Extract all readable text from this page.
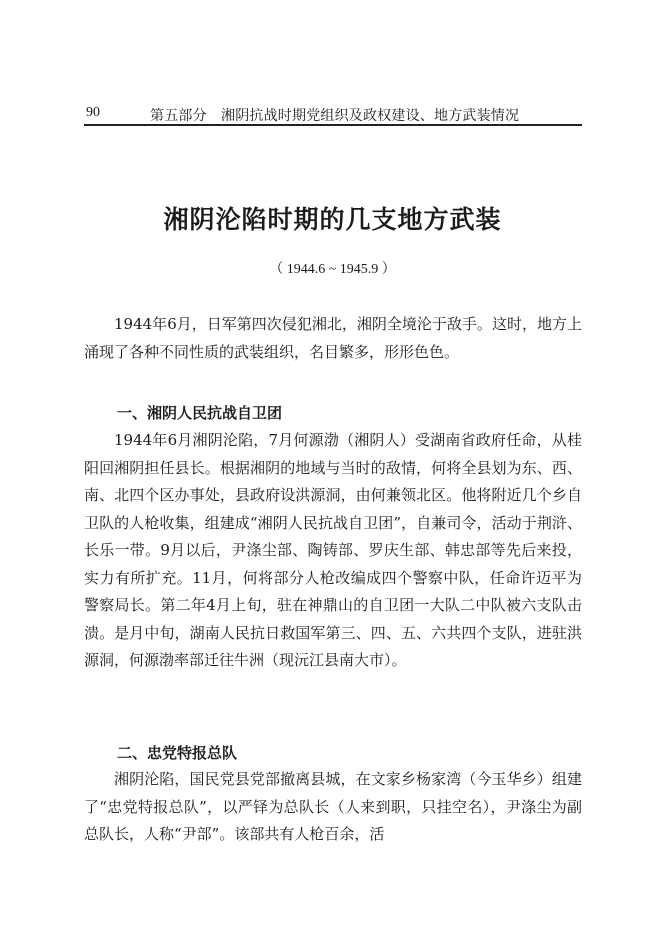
90	第五部分　湘阴抗战时期党组织及政权建设、地方武装情况
湘阴沦陷时期的几支地方武装
（ 1944.6 ~ 1945.9 ）
1944年6月，日军第四次侵犯湘北，湘阴全境沦于敌手。这时，地方上涌现了各种不同性质的武装组织，名目繁多，形形色色。
一、湘阴人民抗战自卫团
1944年6月湘阴沦陷，7月何源渤（湘阴人）受湖南省政府任命，从桂阳回湘阴担任县长。根据湘阴的地域与当时的敌情，何将全县划为东、西、南、北四个区办事处，县政府设洪源洞，由何兼领北区。他将附近几个乡自卫队的人枪收集，组建成“湘阴人民抗战自卫团”，自兼司令，活动于荆浒、长乐一带。9月以后，尹涤尘部、陶铸部、罗庆生部、韩忠部等先后来投，实力有所扩充。11月，何将部分人枪改编成四个警察中队，任命许迈平为警察局长。第二年4月上旬，驻在神鼎山的自卫团一大队二中队被六支队击溃。是月中旬，湖南人民抗日救国军第三、四、五、六共四个支队，进驻洪源洞，何源渤率部迁往牛洲（现沅江县南大市）。
二、忠党特报总队
湘阴沦陷，国民党县党部撤离县城，在文家乡杨家湾（今玉华乡）组建了“忠党特报总队”，以严铎为总队长（人来到职，只挂空名），尹涤尘为副总队长，人称“尹部”。该部共有人枪百余，活
